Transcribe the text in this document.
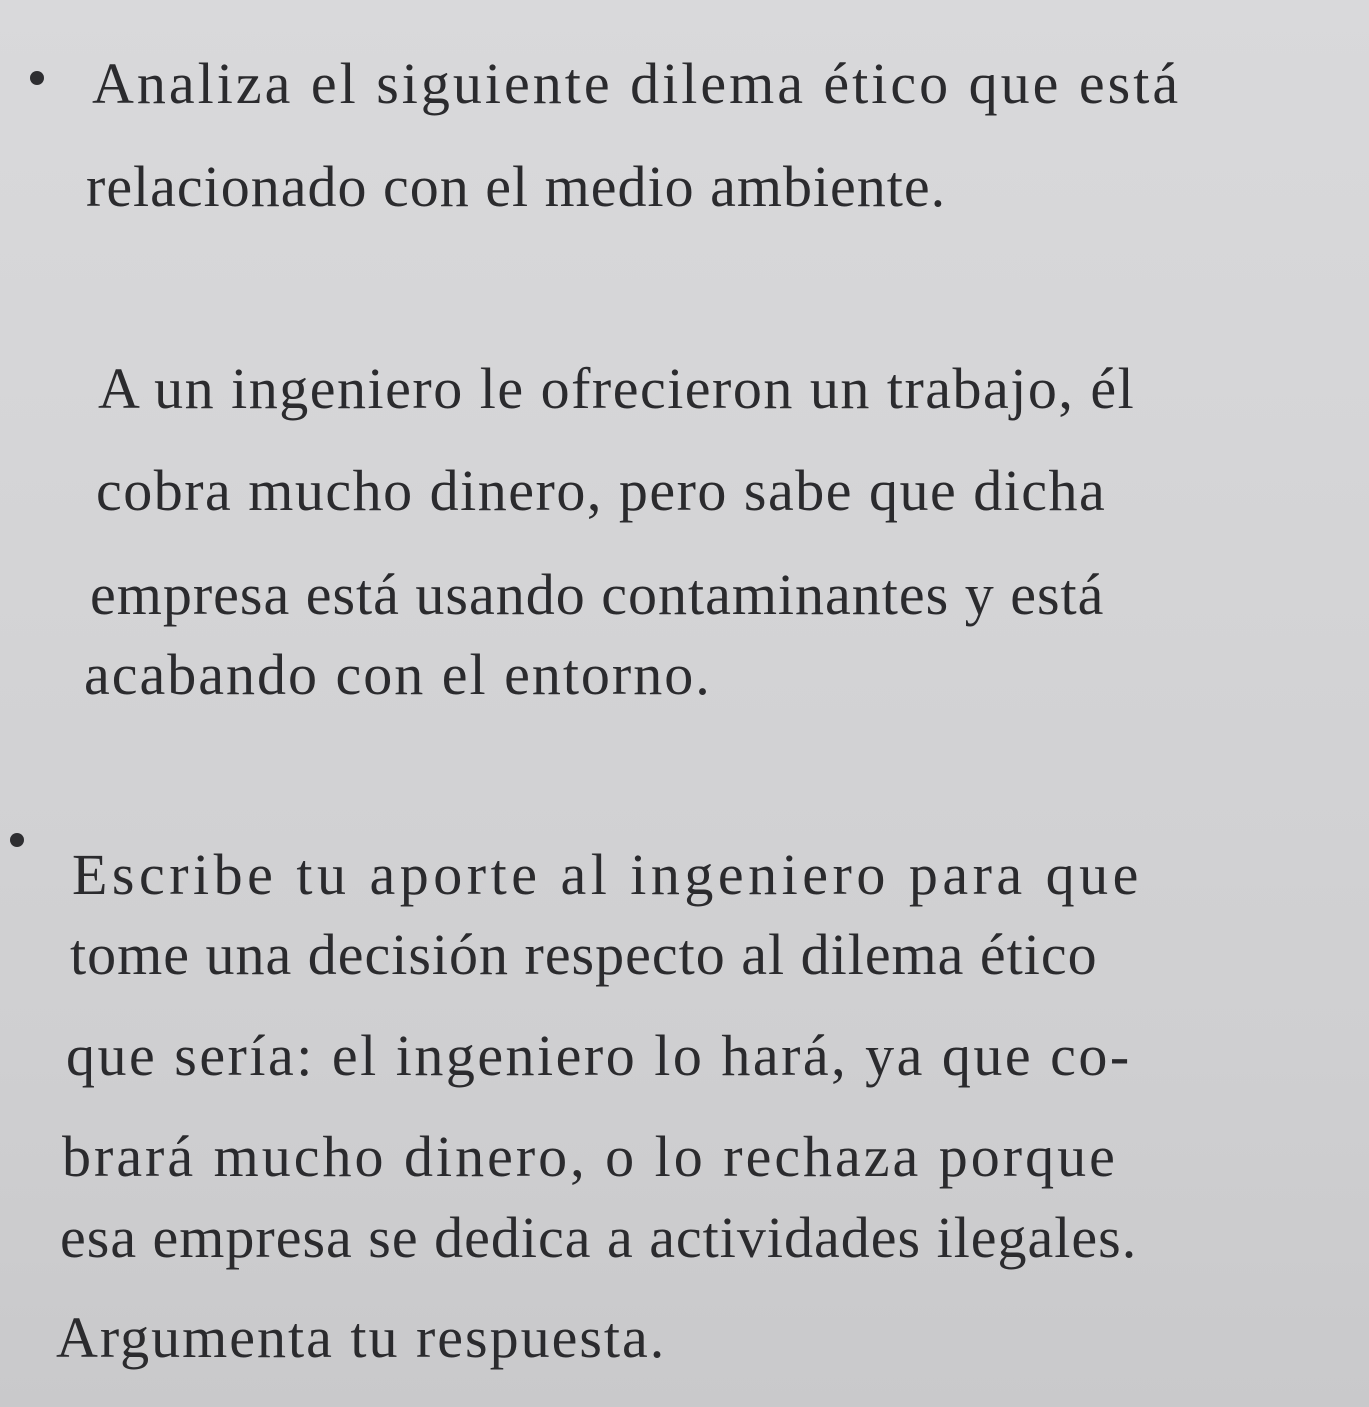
Analiza el siguiente dilema ético que está
relacionado con el medio ambiente.
A un ingeniero le ofrecieron un trabajo, él
cobra mucho dinero, pero sabe que dicha
empresa está usando contaminantes y está
acabando con el entorno.
Escribe tu aporte al ingeniero para que
tome una decisión respecto al dilema ético
que sería: el ingeniero lo hará, ya que co-
brará mucho dinero, o lo rechaza porque
esa empresa se dedica a actividades ilegales.
Argumenta tu respuesta.
